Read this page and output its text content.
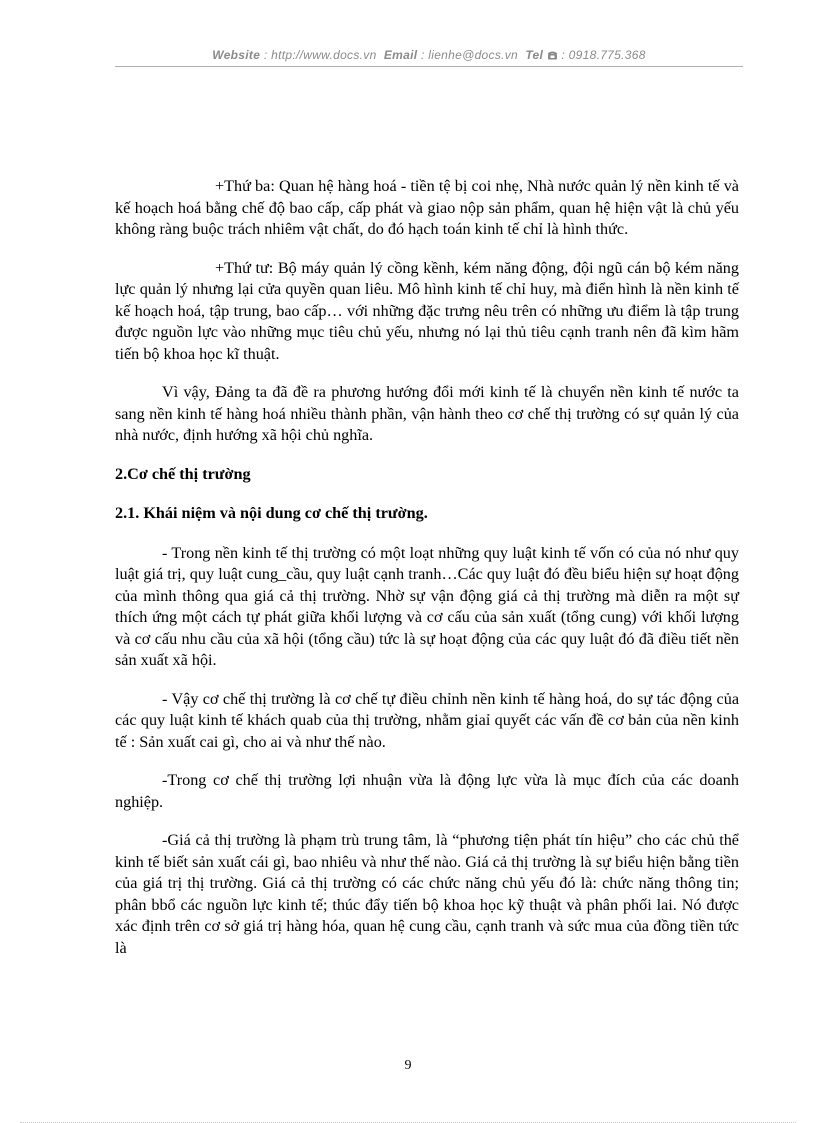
Website : http://www.docs.vn Email : lienhe@docs.vn Tel : 0918.775.368

+Thứ ba: Quan hệ hàng hoá - tiền tệ bị coi nhẹ, Nhà nước quản lý nền kinh tế và kế hoạch hoá bằng chế độ bao cấp, cấp phát và giao nộp sản phẩm, quan hệ hiện vật là chủ yếu không ràng buộc trách nhiêm vật chất, do đó hạch toán kinh tế chỉ là hình thức.

+Thứ tư: Bộ máy quản lý cồng kềnh, kém năng động, đội ngũ cán bộ kém năng lực quản lý nhưng lại cửa quyền quan liêu. Mô hình kinh tế chỉ huy, mà điển hình là nền kinh tế kế hoạch hoá, tập trung, bao cấp… với những đặc trưng nêu trên có những ưu điểm là tập trung được nguồn lực vào những mục tiêu chủ yếu, nhưng nó lại thủ tiêu cạnh tranh nên đã kìm hãm tiến bộ khoa học kĩ thuật.

Vì vậy, Đảng ta đã đề ra phương hướng đổi mới kinh tế là chuyển nền kinh tế nước ta sang nền kinh tế hàng hoá nhiều thành phần, vận hành theo cơ chế thị trường có sự quản lý của nhà nước, định hướng xã hội chủ nghĩa.

2.Cơ chế thị trường

2.1. Khái niệm và nội dung cơ chế thị trường.

- Trong nền kinh tế thị trường có một loạt những quy luật kinh tế vốn có của nó như quy luật giá trị, quy luật cung_cầu, quy luật cạnh tranh…Các quy luật đó đều biểu hiện sự hoạt động của mình thông qua giá cả thị trường. Nhờ sự vận động giá cả thị trường mà diễn ra một sự thích ứng một cách tự phát giữa khối lượng và cơ cấu của sản xuất (tổng cung) với khối lượng và cơ cấu nhu cầu của xã hội (tổng cầu) tức là sự hoạt động của các quy luật đó đã điều tiết nền sản xuất xã hội.

- Vậy cơ chế thị trường là cơ chế tự điều chỉnh nền kinh tế hàng hoá, do sự tác động của các quy luật kinh tế khách quab của thị trường, nhằm giaỉ quyết các vấn đề cơ bản của nền kinh tế : Sản xuất cai gì, cho ai và như thế nào.

-Trong cơ chế thị trường lợi nhuận vừa là động lực vừa là mục đích của các doanh nghiệp.

-Giá cả thị trường là phạm trù trung tâm, là “phương tiện phát tín hiệu” cho các chủ thể kinh tế biết sản xuất cái gì, bao nhiêu và như thế nào. Giá cả thị trường là sự biểu hiện bằng tiền của giá trị thị trường. Giá cả thị trường có các chức năng chủ yếu đó là: chức năng thông tin; phân bbổ các nguồn lực kinh tế; thúc đẩy tiến bộ khoa học kỹ thuật và phân phối lai. Nó được xác định trên cơ sở giá trị hàng hóa, quan hệ cung cầu, cạnh tranh và sức mua của đồng tiền tức là

9
